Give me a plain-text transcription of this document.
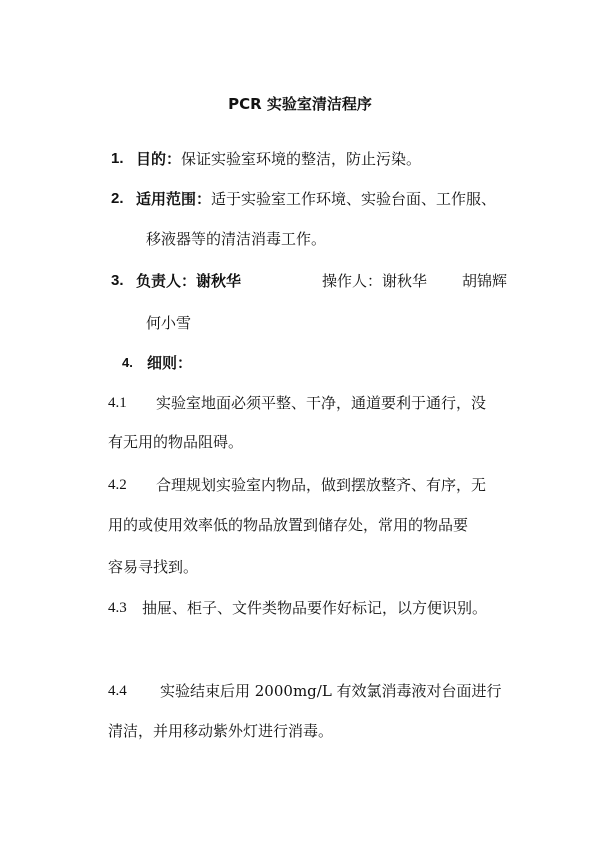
PCR 实验室清洁程序
1. 目的：保证实验室环境的整洁，防止污染。
2. 适用范围：适于实验室工作环境、实验台面、工作服、
移液器等的清洁消毒工作。
3. 负责人：谢秋华	操作人：谢秋华 胡锦辉
何小雪
4. 细则：
4.1 实验室地面必须平整、干净，通道要利于通行，没
有无用的物品阻碍。
4.2 合理规划实验室内物品，做到摆放整齐、有序，无
用的或使用效率低的物品放置到储存处，常用的物品要
容易寻找到。
4.3 抽屉、柜子、文件类物品要作好标记，以方便识别。
4.4 实验结束后用 2000mg/L 有效氯消毒液对台面进行
清洁，并用移动紫外灯进行消毒。
